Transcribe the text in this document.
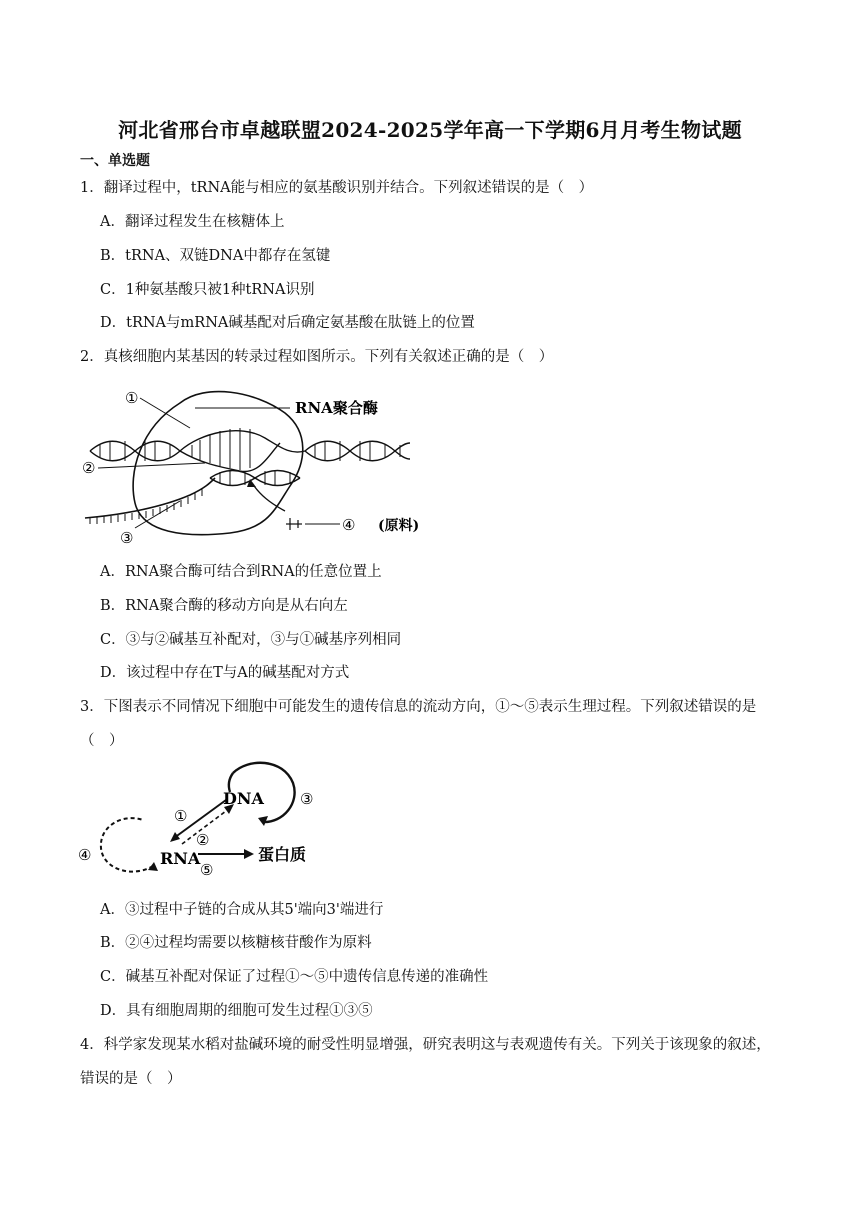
河北省邢台市卓越联盟2024-2025学年高一下学期6月月考生物试题
一、单选题
1．翻译过程中，tRNA能与相应的氨基酸识别并结合。下列叙述错误的是（　）
A．翻译过程发生在核糖体上
B．tRNA、双链DNA中都存在氢键
C．1种氨基酸只被1种tRNA识别
D．tRNA与mRNA碱基配对后确定氨基酸在肽链上的位置
2．真核细胞内某基因的转录过程如图所示。下列有关叙述正确的是（　）
①
②
③
④
RNA聚合酶
(原料)
A．RNA聚合酶可结合到RNA的任意位置上
B．RNA聚合酶的移动方向是从右向左
C．③与②碱基互补配对，③与①碱基序列相同
D．该过程中存在T与A的碱基配对方式
3．下图表示不同情况下细胞中可能发生的遗传信息的流动方向，①～⑤表示生理过程。下列叙述错误的是
（　）
DNA
RNA	蛋白质
①
②
③
④
⑤
A．③过程中子链的合成从其5'端向3'端进行
B．②④过程均需要以核糖核苷酸作为原料
C．碱基互补配对保证了过程①～⑤中遗传信息传递的准确性
D．具有细胞周期的细胞可发生过程①③⑤
4．科学家发现某水稻对盐碱环境的耐受性明显增强，研究表明这与表观遗传有关。下列关于该现象的叙述，
错误的是（　）
